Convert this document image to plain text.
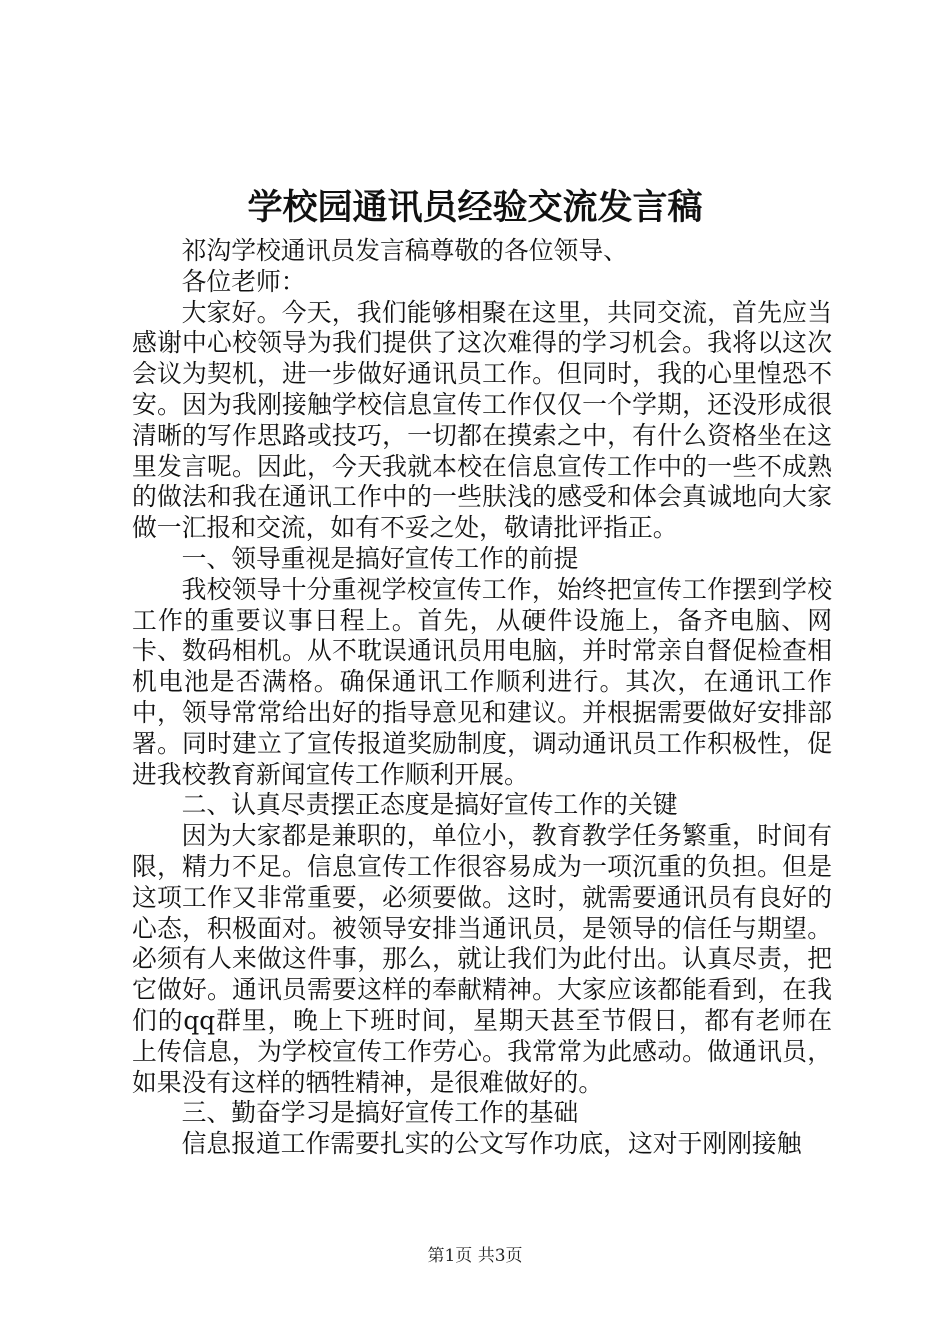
学校园通讯员经验交流发言稿

祁沟学校通讯员发言稿尊敬的各位领导、

各位老师：

大家好。今天，我们能够相聚在这里，共同交流，首先应当感谢中心校领导为我们提供了这次难得的学习机会。我将以这次会议为契机，进一步做好通讯员工作。但同时，我的心里惶恐不安。因为我刚接触学校信息宣传工作仅仅一个学期，还没形成很清晰的写作思路或技巧，一切都在摸索之中，有什么资格坐在这里发言呢。因此，今天我就本校在信息宣传工作中的一些不成熟的做法和我在通讯工作中的一些肤浅的感受和体会真诚地向大家做一汇报和交流，如有不妥之处，敬请批评指正。

一、领导重视是搞好宣传工作的前提

我校领导十分重视学校宣传工作，始终把宣传工作摆到学校工作的重要议事日程上。首先，从硬件设施上，备齐电脑、网卡、数码相机。从不耽误通讯员用电脑，并时常亲自督促检查相机电池是否满格。确保通讯工作顺利进行。其次，在通讯工作中，领导常常给出好的指导意见和建议。并根据需要做好安排部署。同时建立了宣传报道奖励制度，调动通讯员工作积极性，促进我校教育新闻宣传工作顺利开展。

二、认真尽责摆正态度是搞好宣传工作的关键

因为大家都是兼职的，单位小，教育教学任务繁重，时间有限，精力不足。信息宣传工作很容易成为一项沉重的负担。但是这项工作又非常重要，必须要做。这时，就需要通讯员有良好的心态，积极面对。被领导安排当通讯员，是领导的信任与期望。必须有人来做这件事，那么，就让我们为此付出。认真尽责，把它做好。通讯员需要这样的奉献精神。大家应该都能看到，在我们的qq群里，晚上下班时间，星期天甚至节假日，都有老师在上传信息，为学校宣传工作劳心。我常常为此感动。做通讯员，如果没有这样的牺牲精神，是很难做好的。

三、勤奋学习是搞好宣传工作的基础

信息报道工作需要扎实的公文写作功底，这对于刚刚接触

第1页 共3页
